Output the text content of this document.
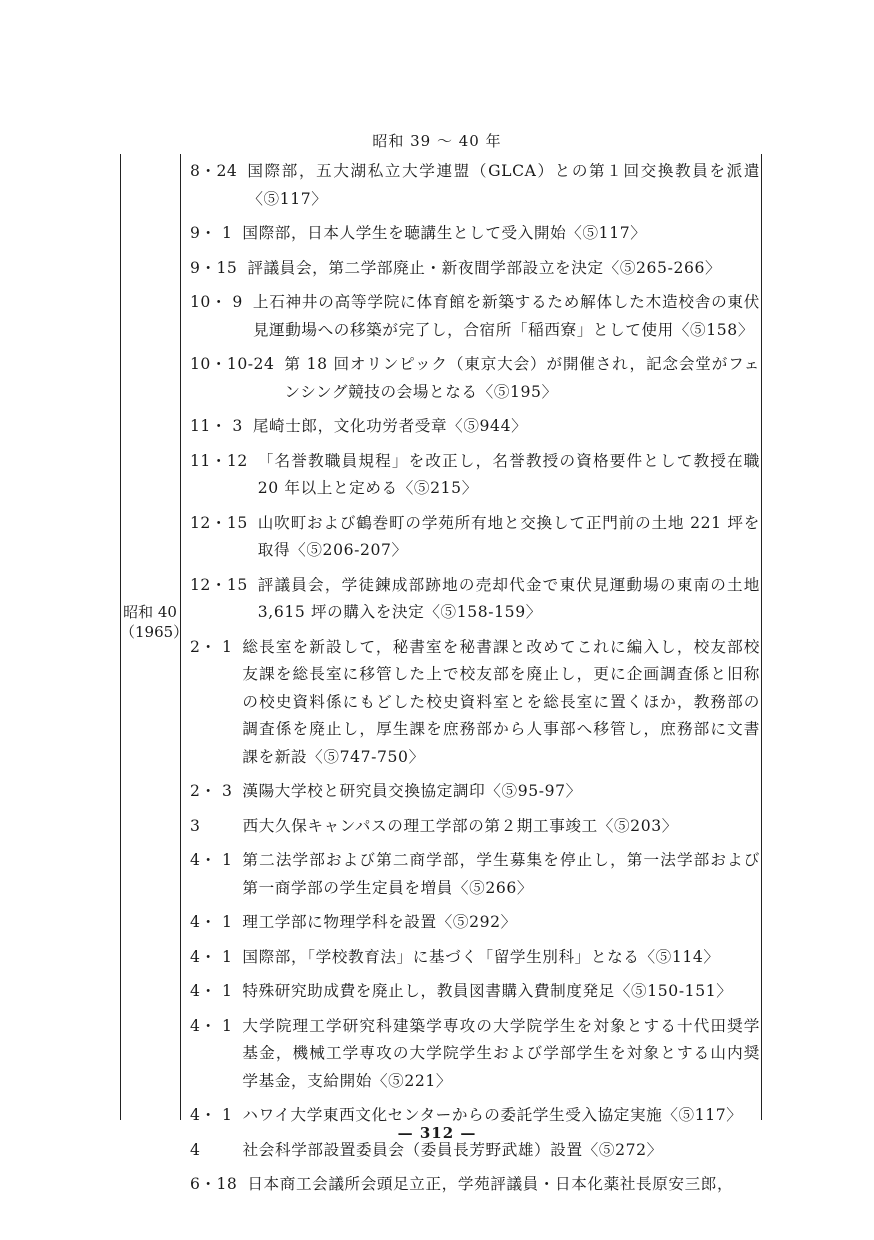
昭和 39 ～ 40 年
昭和 40
（1965）
8・24 国際部，五大湖私立大学連盟（GLCA）との第１回交換教員を派遣〈⑤117〉
9・ 1 国際部，日本人学生を聴講生として受入開始〈⑤117〉
9・15 評議員会，第二学部廃止・新夜間学部設立を決定〈⑤265-266〉
10・ 9 上石神井の高等学院に体育館を新築するため解体した木造校舎の東伏見運動場への移築が完了し，合宿所「稲西寮」として使用〈⑤158〉
10・10-24 第 18 回オリンピック（東京大会）が開催され，記念会堂がフェンシング競技の会場となる〈⑤195〉
11・ 3 尾崎士郎，文化功労者受章〈⑤944〉
11・12 「名誉教職員規程」を改正し，名誉教授の資格要件として教授在職 20 年以上と定める〈⑤215〉
12・15 山吹町および鶴巻町の学苑所有地と交換して正門前の土地 221 坪を取得〈⑤206-207〉
12・15 評議員会，学徒錬成部跡地の売却代金で東伏見運動場の東南の土地 3,615 坪の購入を決定〈⑤158-159〉
2・ 1 総長室を新設して，秘書室を秘書課と改めてこれに編入し，校友部校友課を総長室に移管した上で校友部を廃止し，更に企画調査係と旧称の校史資料係にもどした校史資料室とを総長室に置くほか，教務部の調査係を廃止し，厚生課を庶務部から人事部へ移管し，庶務部に文書課を新設〈⑤747-750〉
2・ 3 漢陽大学校と研究員交換協定調印〈⑤95-97〉
3　　 西大久保キャンパスの理工学部の第２期工事竣工〈⑤203〉
4・ 1 第二法学部および第二商学部，学生募集を停止し，第一法学部および第一商学部の学生定員を増員〈⑤266〉
4・ 1 理工学部に物理学科を設置〈⑤292〉
4・ 1 国際部，「学校教育法」に基づく「留学生別科」となる〈⑤114〉
4・ 1 特殊研究助成費を廃止し，教員図書購入費制度発足〈⑤150-151〉
4・ 1 大学院理工学研究科建築学専攻の大学院学生を対象とする十代田奨学基金，機械工学専攻の大学院学生および学部学生を対象とする山内奨学基金，支給開始〈⑤221〉
4・ 1 ハワイ大学東西文化センターからの委託学生受入協定実施〈⑤117〉
4　　 社会科学部設置委員会（委員長芳野武雄）設置〈⑤272〉
6・18 日本商工会議所会頭足立正，学苑評議員・日本化薬社長原安三郎，
— 312 —
